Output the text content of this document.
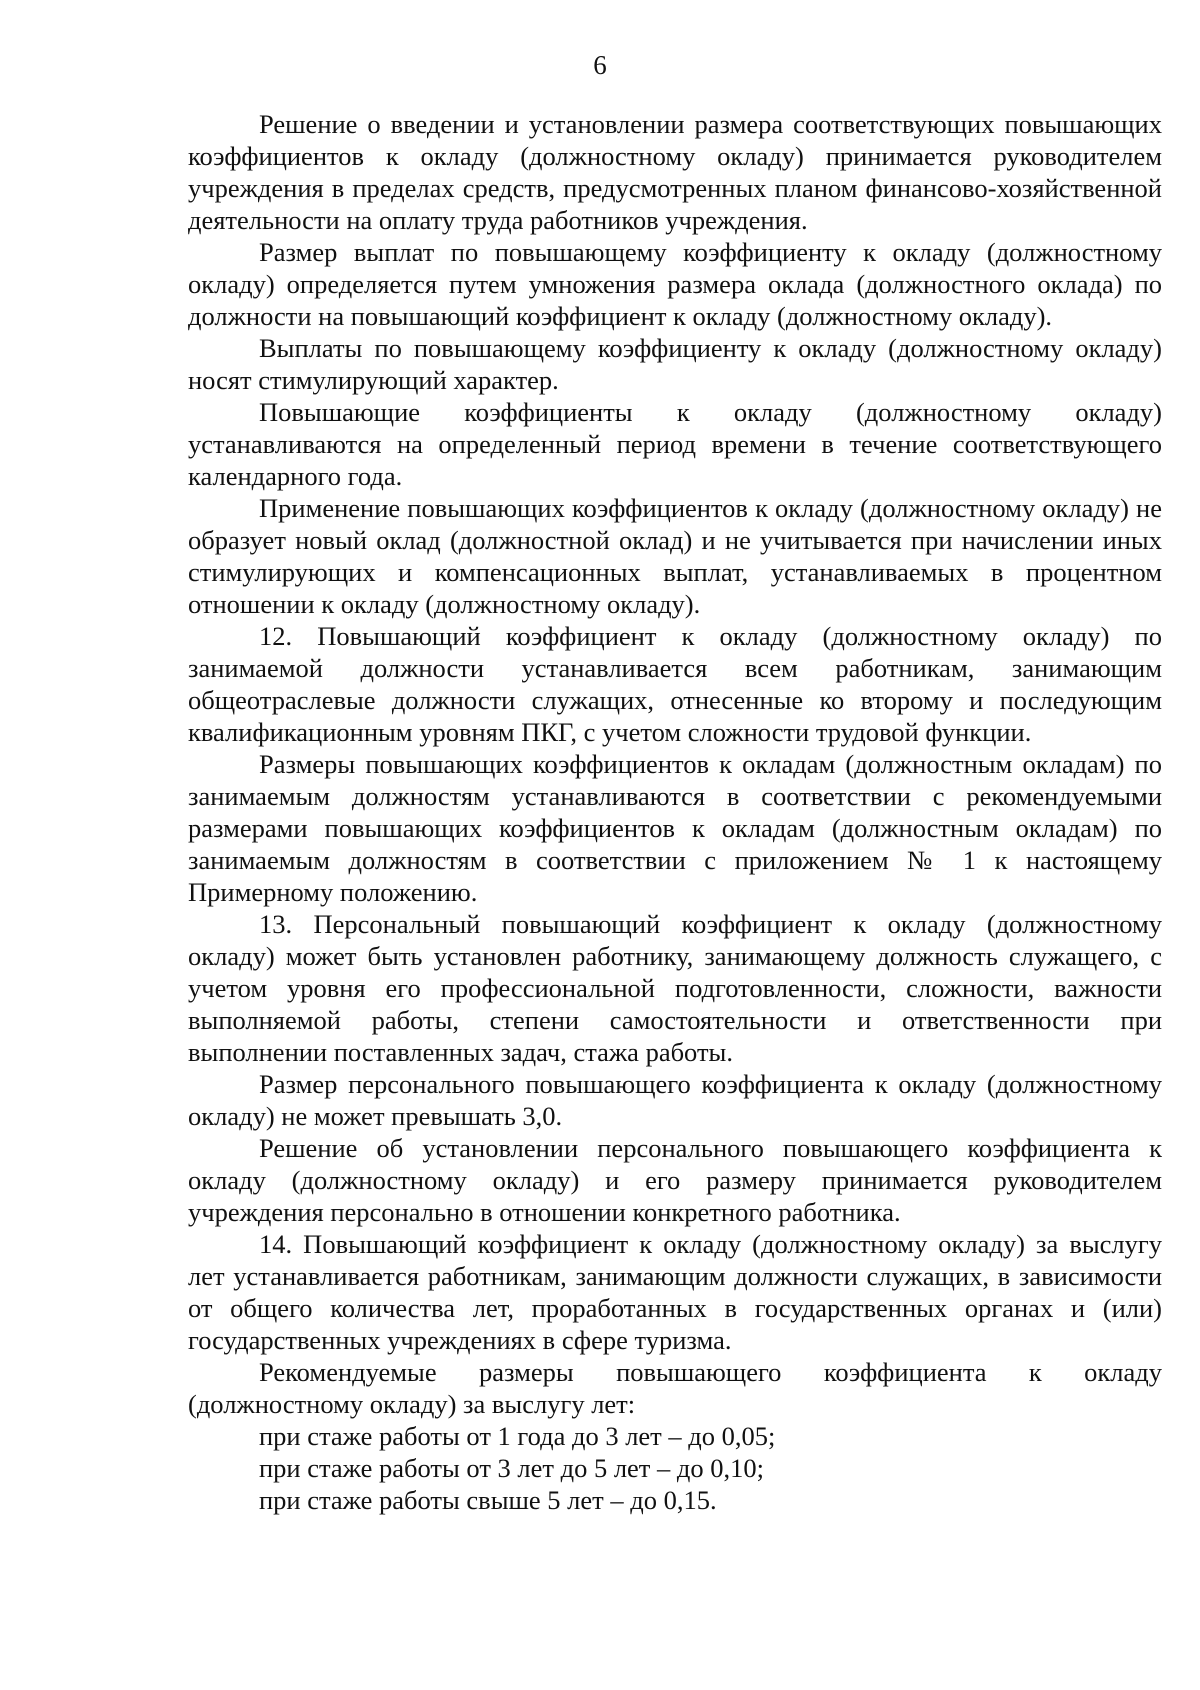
6

Решение о введении и установлении размера соответствующих повышающих коэффициентов к окладу (должностному окладу) принимается руководителем учреждения в пределах средств, предусмотренных планом финансово-хозяйственной деятельности на оплату труда работников учреждения.

Размер выплат по повышающему коэффициенту к окладу (должностному окладу) определяется путем умножения размера оклада (должностного оклада) по должности на повышающий коэффициент к окладу (должностному окладу).

Выплаты по повышающему коэффициенту к окладу (должностному окладу) носят стимулирующий характер.

Повышающие коэффициенты к окладу (должностному окладу) устанавливаются на определенный период времени в течение соответствующего календарного года.

Применение повышающих коэффициентов к окладу (должностному окладу) не образует новый оклад (должностной оклад) и не учитывается при начислении иных стимулирующих и компенсационных выплат, устанавливаемых в процентном отношении к окладу (должностному окладу).

12. Повышающий коэффициент к окладу (должностному окладу) по занимаемой должности устанавливается всем работникам, занимающим общеотраслевые должности служащих, отнесенные ко второму и последующим квалификационным уровням ПКГ, с учетом сложности трудовой функции.

Размеры повышающих коэффициентов к окладам (должностным окладам) по занимаемым должностям устанавливаются в соответствии с рекомендуемыми размерами повышающих коэффициентов к окладам (должностным окладам) по занимаемым должностям в соответствии с приложением № 1 к настоящему Примерному положению.

13. Персональный повышающий коэффициент к окладу (должностному окладу) может быть установлен работнику, занимающему должность служащего, с учетом уровня его профессиональной подготовленности, сложности, важности выполняемой работы, степени самостоятельности и ответственности при выполнении поставленных задач, стажа работы.

Размер персонального повышающего коэффициента к окладу (должностному окладу) не может превышать 3,0.

Решение об установлении персонального повышающего коэффициента к окладу (должностному окладу) и его размеру принимается руководителем учреждения персонально в отношении конкретного работника.

14. Повышающий коэффициент к окладу (должностному окладу) за выслугу лет устанавливается работникам, занимающим должности служащих, в зависимости от общего количества лет, проработанных в государственных органах и (или) государственных учреждениях в сфере туризма.

Рекомендуемые размеры повышающего коэффициента к окладу (должностному окладу) за выслугу лет:

при стаже работы от 1 года до 3 лет – до 0,05;

при стаже работы от 3 лет до 5 лет – до 0,10;

при стаже работы свыше 5 лет – до 0,15.
